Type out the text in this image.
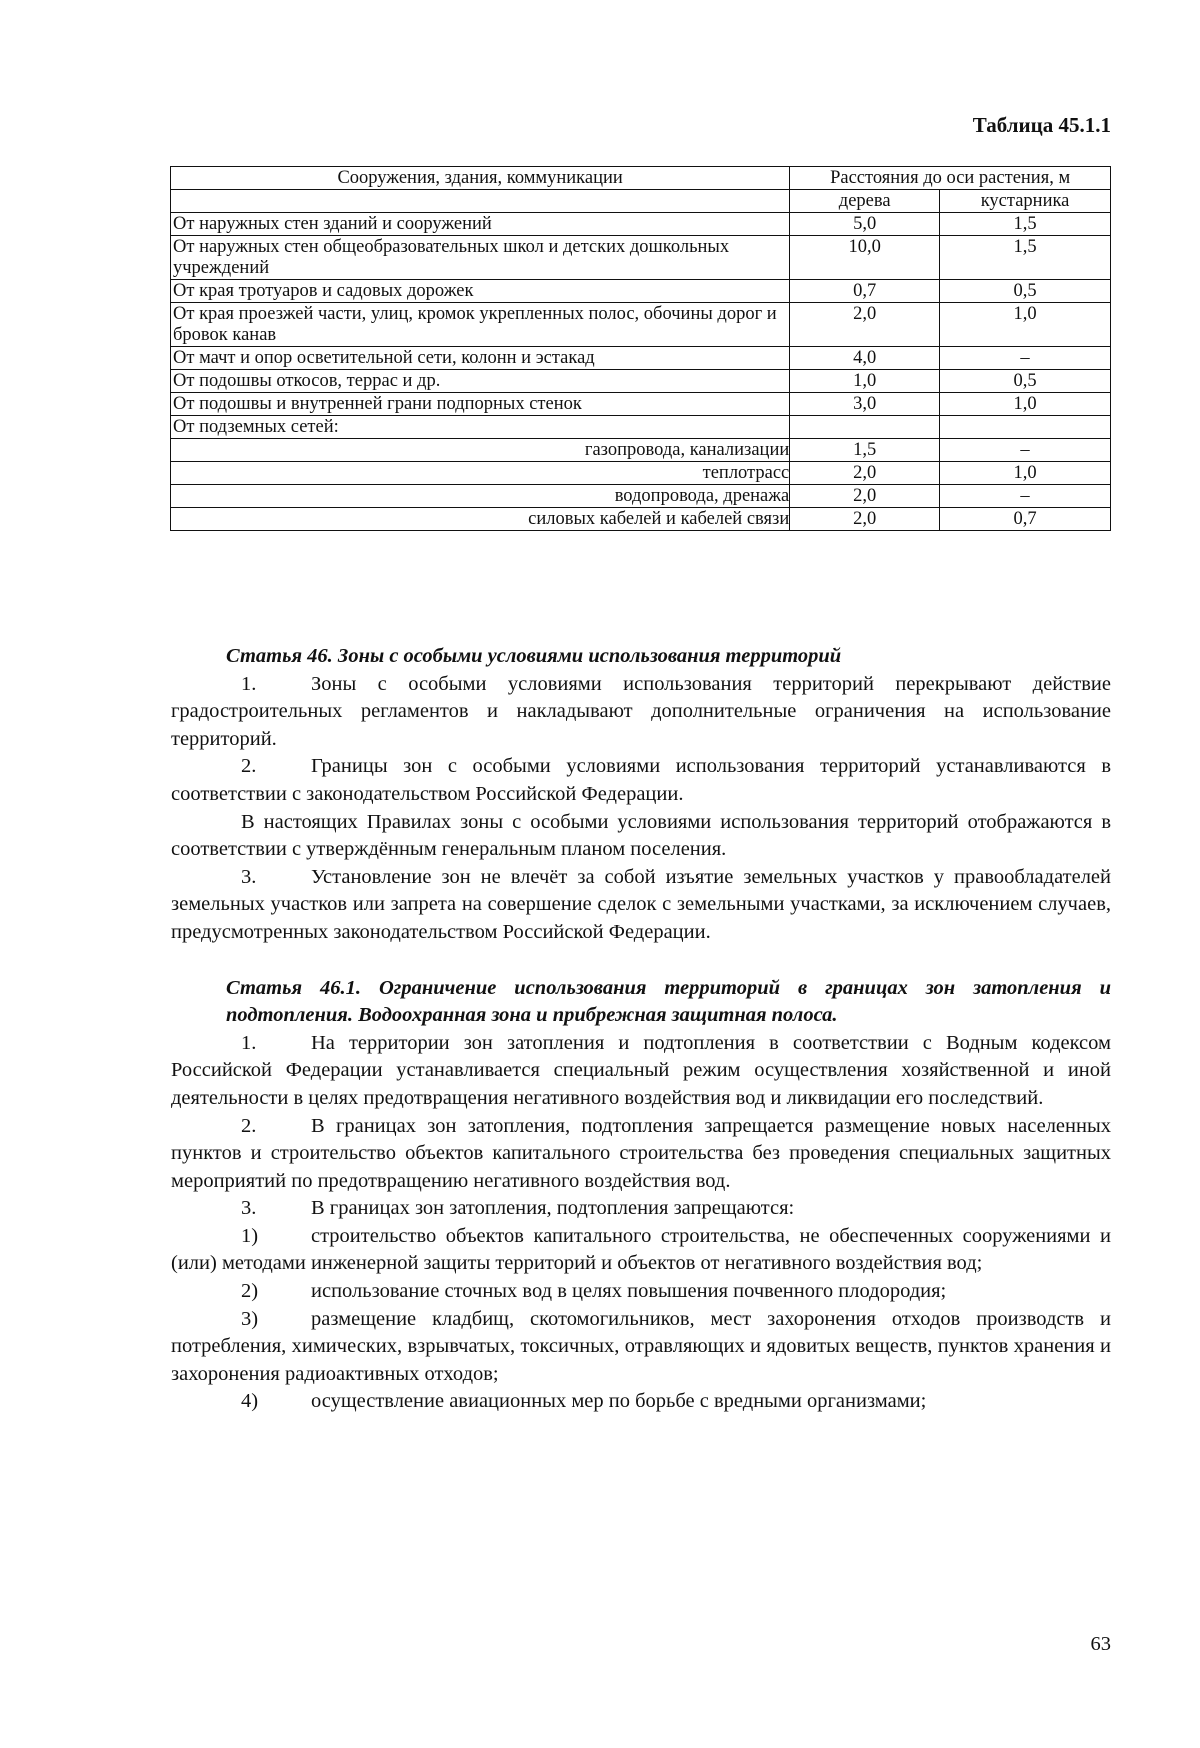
Таблица 45.1.1
Сооружения, здания, коммуникации	Расстояния до оси растения, м	
	дерева	кустарника
От наружных стен зданий и сооружений	5,0	1,5
От наружных стен общеобразовательных школ и детских дошкольных учреждений	10,0	1,5
От края тротуаров и садовых дорожек	0,7	0,5
От края проезжей части, улиц, кромок укрепленных полос, обочины дорог и бровок канав	2,0	1,0
От мачт и опор осветительной сети, колонн и эстакад	4,0	–
От подошвы откосов, террас и др.	1,0	0,5
От подошвы и внутренней грани подпорных стенок	3,0	1,0
От подземных сетей:		
газопровода, канализации	1,5	–
теплотрасс	2,0	1,0
водопровода, дренажа	2,0	–
силовых кабелей и кабелей связи	2,0	0,7
Статья 46. Зоны с особыми условиями использования территорий

1.	Зоны с особыми условиями использования территорий перекрывают действие градостроительных регламентов и накладывают дополнительные ограничения на использование территорий.

2.	Границы зон с особыми условиями использования территорий устанавливаются в соответствии с законодательством Российской Федерации.

В настоящих Правилах зоны с особыми условиями использования территорий отображаются в соответствии с утверждённым генеральным планом поселения.

3.	Установление зон не влечёт за собой изъятие земельных участков у правообладателей земельных участков или запрета на совершение сделок с земельными участками, за исключением случаев, предусмотренных законодательством Российской Федерации.

Статья 46.1. Ограничение использования территорий в границах зон затопления и подтопления. Водоохранная зона и прибрежная защитная полоса.

1.	На территории зон затопления и подтопления в соответствии с Водным кодексом Российской Федерации устанавливается специальный режим осуществления хозяйственной и иной деятельности в целях предотвращения негативного воздействия вод и ликвидации его последствий.

2.	В границах зон затопления, подтопления запрещается размещение новых населенных пунктов и строительство объектов капитального строительства без проведения специальных защитных мероприятий по предотвращению негативного воздействия вод.

3.	В границах зон затопления, подтопления запрещаются:

1)	строительство объектов капитального строительства, не обеспеченных сооружениями и (или) методами инженерной защиты территорий и объектов от негативного воздействия вод;

2)	использование сточных вод в целях повышения почвенного плодородия;

3)	размещение кладбищ, скотомогильников, мест захоронения отходов производств и потребления, химических, взрывчатых, токсичных, отравляющих и ядовитых веществ, пунктов хранения и захоронения радиоактивных отходов;

4)	осуществление авиационных мер по борьбе с вредными организмами;

63
